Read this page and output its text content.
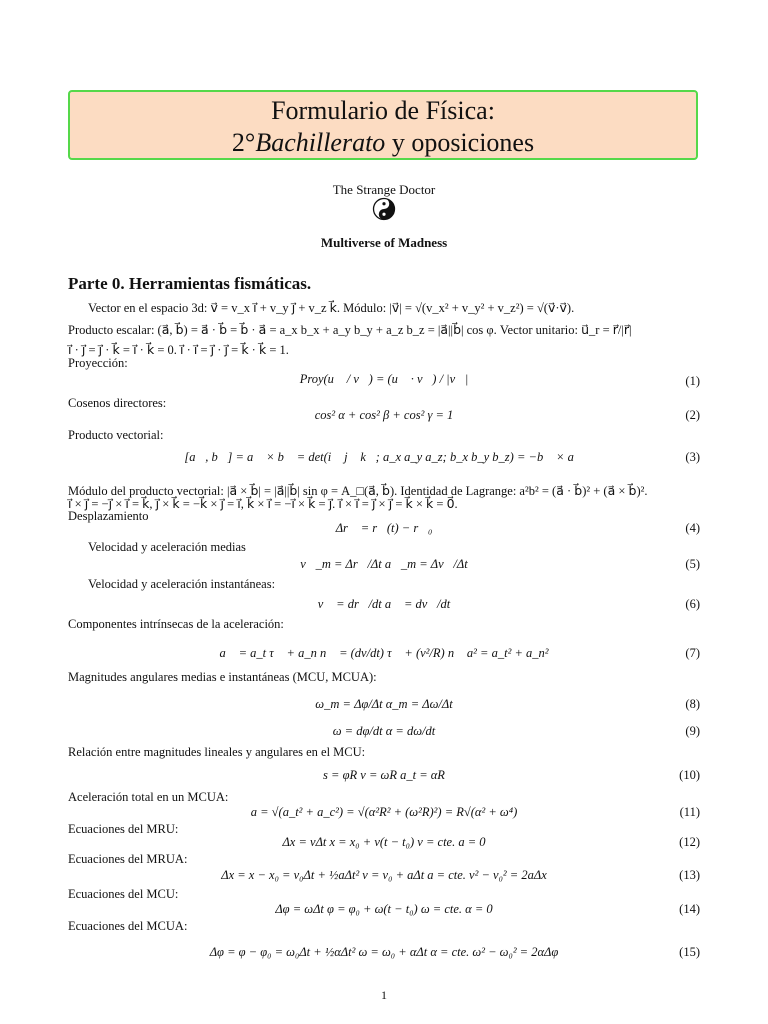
Formulario de Física:
2°Bachillerato y oposiciones
The Strange Doctor
Multiverse of Madness
Parte 0. Herramientas fismáticas.
Vector en el espacio 3d: v⃗ = v_x i⃗ + v_y j⃗ + v_z k⃗. Módulo: |v⃗| = √(v_x² + v_y² + v_z²) = √(v⃗·v⃗).
Producto escalar: (a⃗, b⃗) = a⃗ · b⃗ = b⃗ · a⃗ = a_x b_x + a_y b_y + a_z b_z = |a⃗||b⃗| cos φ. Vector unitario: u⃗_r = r⃗/|r⃗|
i⃗ · j⃗ = j⃗ · k⃗ = i⃗ · k⃗ = 0. i⃗ · i⃗ = j⃗ · j⃗ = k⃗ · k⃗ = 1.
Proyección:
Proy(u⃗ / v⃗) = (u⃗ · v⃗) / |v⃗|	(1)
Cosenos directores:
cos² α + cos² β + cos² γ = 1	(2)
Producto vectorial:
[a⃗, b⃗] = a⃗ × b⃗ = det(i⃗ j⃗ k⃗; a_x a_y a_z; b_x b_y b_z) = −b⃗ × a⃗	(3)
Módulo del producto vectorial: |a⃗ × b⃗| = |a⃗||b⃗| sin φ = A_□(a⃗, b⃗). Identidad de Lagrange: a²b² = (a⃗ · b⃗)² + (a⃗ × b⃗)².
i⃗ × j⃗ = −j⃗ × i⃗ = k⃗, j⃗ × k⃗ = −k⃗ × j⃗ = i⃗, k⃗ × i⃗ = −i⃗ × k⃗ = j⃗. i⃗ × i⃗ = j⃗ × j⃗ = k⃗ × k⃗ = 0⃗.
Desplazamiento
Δr⃗ = r⃗(t) − r⃗₀	(4)
Velocidad y aceleración medias
v⃗_m = Δr⃗/Δt a⃗_m = Δv⃗/Δt	(5)
Velocidad y aceleración instantáneas:
v⃗ = dr⃗/dt a⃗ = dv⃗/dt	(6)
Componentes intrínsecas de la aceleración:
a⃗ = a_t τ⃗ + a_n n⃗ = (dv/dt) τ⃗ + (v²/R) n⃗ a² = a_t² + a_n²	(7)
Magnitudes angulares medias e instantáneas (MCU, MCUA):
ω_m = Δφ/Δt α_m = Δω/Δt	(8)
ω = dφ/dt α = dω/dt	(9)
Relación entre magnitudes lineales y angulares en el MCU:
s = φR v = ωR a_t = αR	(10)
Aceleración total en un MCUA:
a = √(a_t² + a_c²) = √(α²R² + (ω²R)²) = R√(α² + ω⁴)	(11)
Ecuaciones del MRU:
Δx = vΔt x = x₀ + v(t − t₀) v = cte. a = 0	(12)
Ecuaciones del MRUA:
Δx = x − x₀ = v₀Δt + ½aΔt² v = v₀ + aΔt a = cte. v² − v₀² = 2aΔx	(13)
Ecuaciones del MCU:
Δφ = ωΔt φ = φ₀ + ω(t − t₀) ω = cte. α = 0	(14)
Ecuaciones del MCUA:
Δφ = φ − φ₀ = ω₀Δt + ½αΔt² ω = ω₀ + αΔt α = cte. ω² − ω₀² = 2αΔφ	(15)
1
